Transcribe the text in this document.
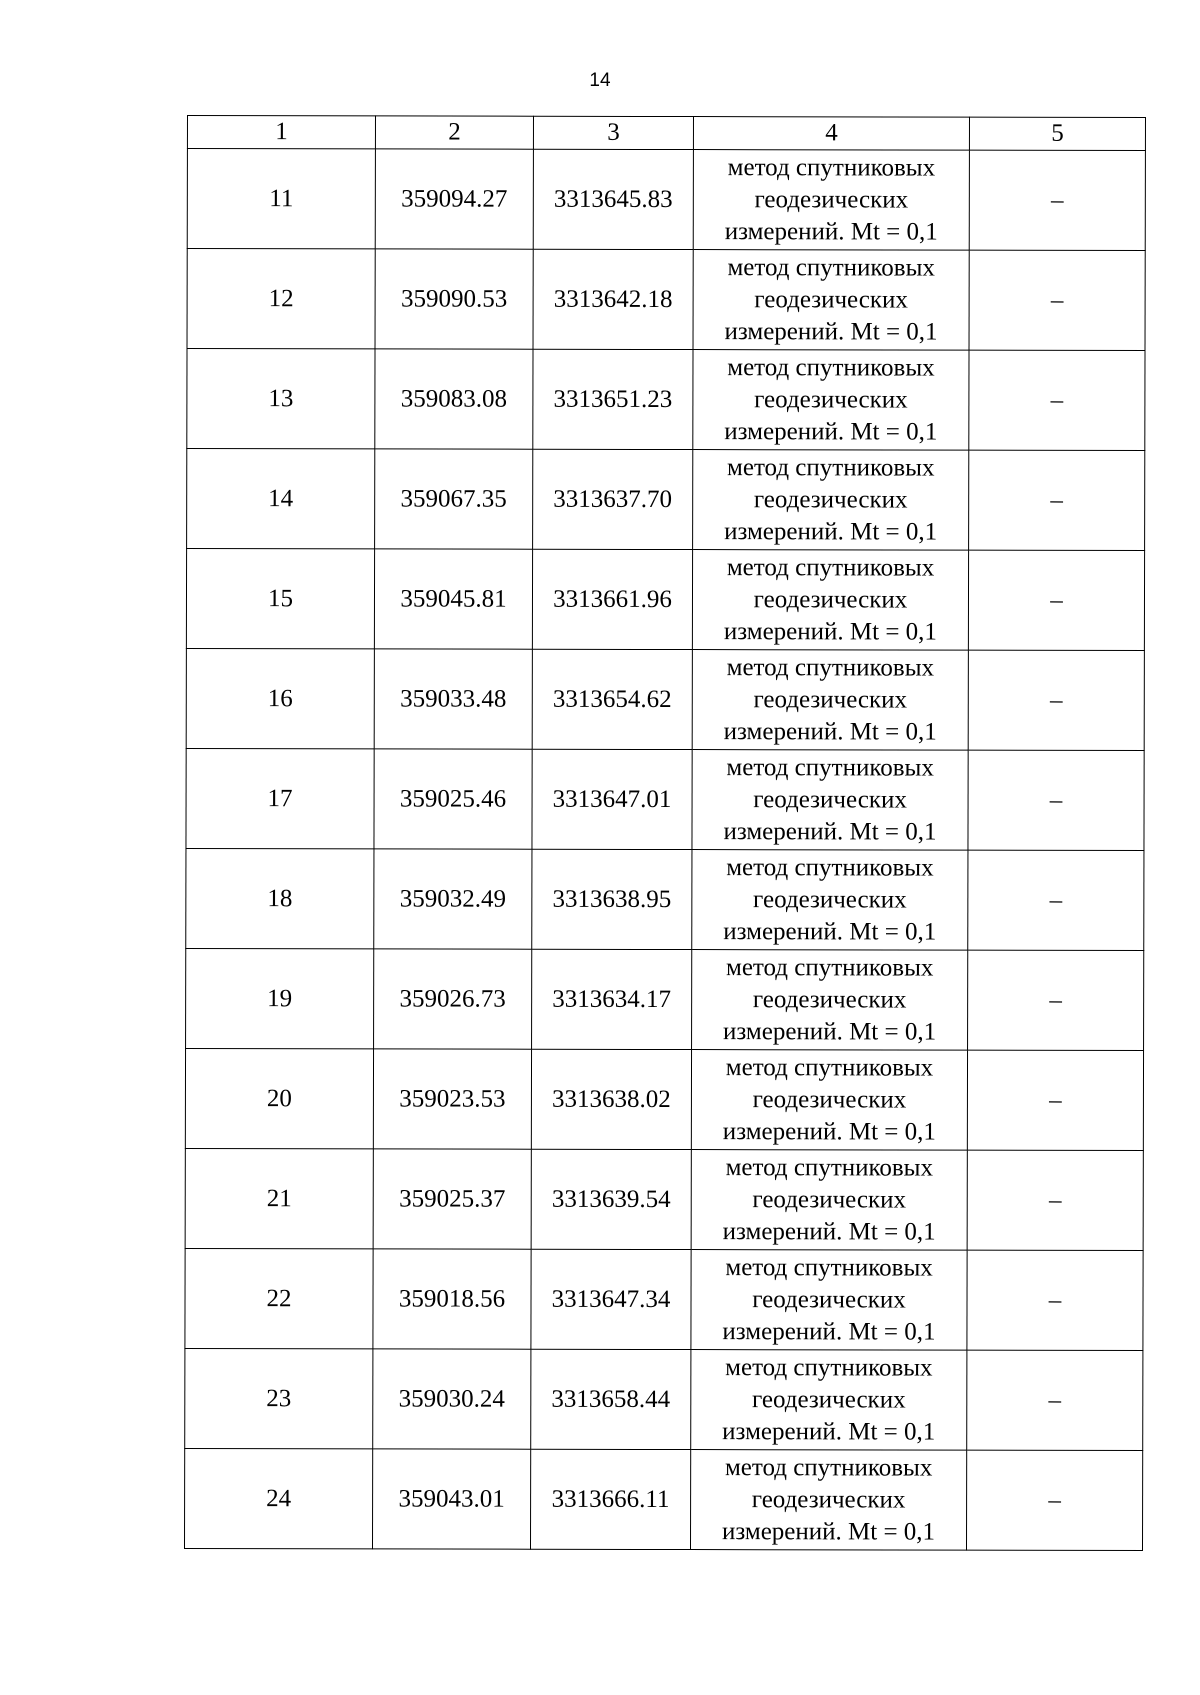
14
1	2	3	4	5
11	359094.27	3313645.83	метод спутниковых
геодезических
измерений. Mt = 0,1	–
12	359090.53	3313642.18	метод спутниковых
геодезических
измерений. Mt = 0,1	–
13	359083.08	3313651.23	метод спутниковых
геодезических
измерений. Mt = 0,1	–
14	359067.35	3313637.70	метод спутниковых
геодезических
измерений. Mt = 0,1	–
15	359045.81	3313661.96	метод спутниковых
геодезических
измерений. Mt = 0,1	–
16	359033.48	3313654.62	метод спутниковых
геодезических
измерений. Mt = 0,1	–
17	359025.46	3313647.01	метод спутниковых
геодезических
измерений. Mt = 0,1	–
18	359032.49	3313638.95	метод спутниковых
геодезических
измерений. Mt = 0,1	–
19	359026.73	3313634.17	метод спутниковых
геодезических
измерений. Mt = 0,1	–
20	359023.53	3313638.02	метод спутниковых
геодезических
измерений. Mt = 0,1	–
21	359025.37	3313639.54	метод спутниковых
геодезических
измерений. Mt = 0,1	–
22	359018.56	3313647.34	метод спутниковых
геодезических
измерений. Mt = 0,1	–
23	359030.24	3313658.44	метод спутниковых
геодезических
измерений. Mt = 0,1	–
24	359043.01	3313666.11	метод спутниковых
геодезических
измерений. Mt = 0,1	–
